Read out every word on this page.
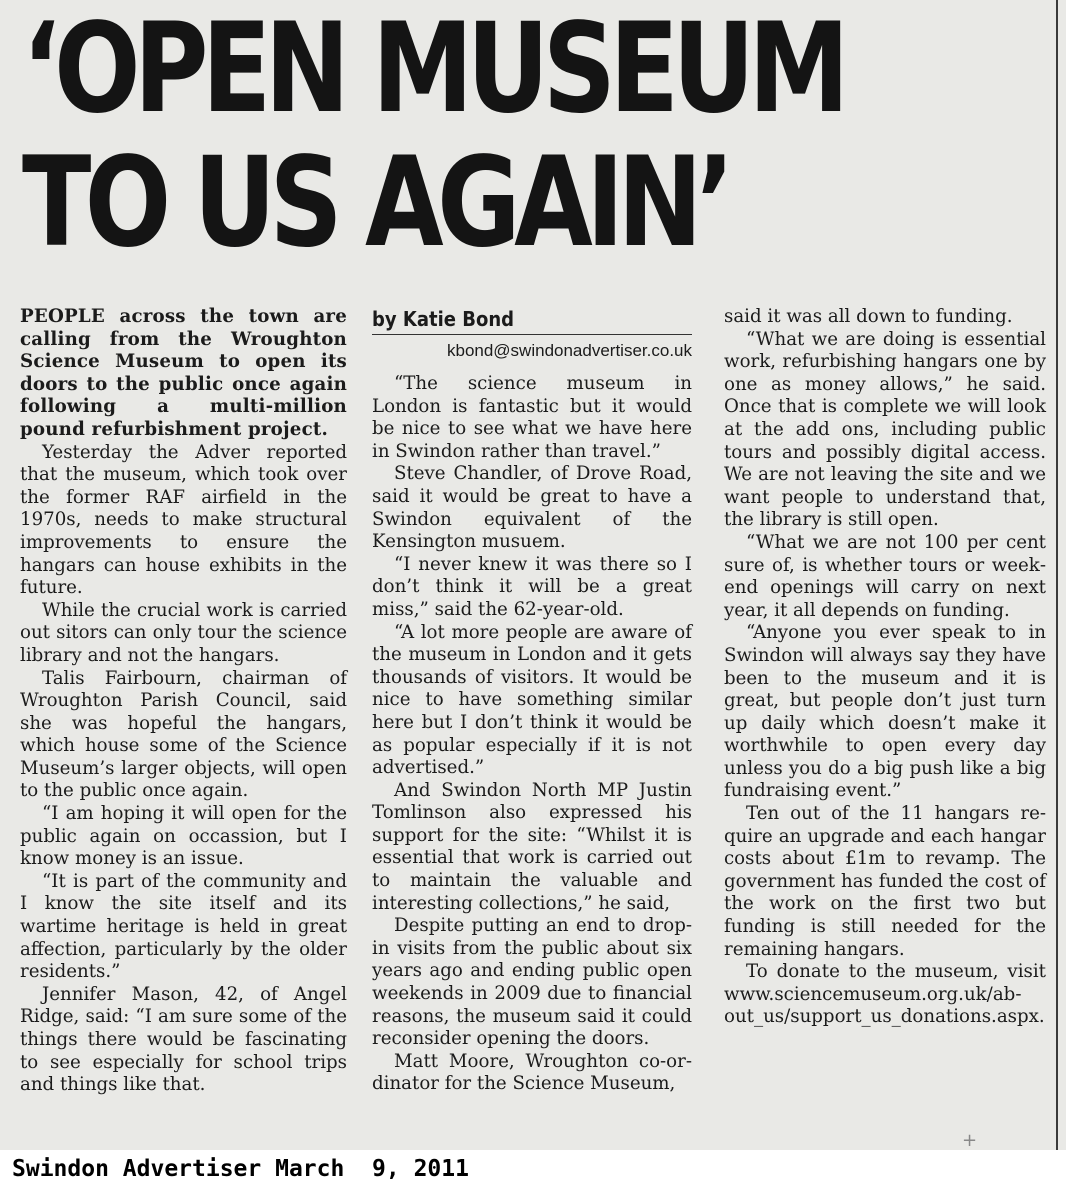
‘OPEN MUSEUM
TO US AGAIN’

PEOPLE across the town are calling from the Wroughton Science Museum to open its doors to the public once again following a multi-million pound refurbishment project.

Yesterday the Adver reported that the museum, which took over the former RAF airfield in the 1970s, needs to make structural improvements to ensure the hangars can house exhibits in the future.

While the crucial work is carried out sitors can only tour the science library and not the hangars.

Talis Fairbourn, chairman of Wroughton Parish Council, said she was hopeful the hangars, which house some of the Science Museum’s larger objects, will open to the public once again.

“I am hoping it will open for the public again on occassion, but I know money is an issue.

“It is part of the community and I know the site itself and its wartime heritage is held in great affection, particularly by the older residents.”

Jennifer Mason, 42, of Angel Ridge, said: “I am sure some of the things there would be fascinating to see especially for school trips and things like that.

by Katie Bond

kbond@swindonadvertiser.co.uk

“The science museum in London is fantastic but it would be nice to see what we have here in Swindon rather than travel.”

Steve Chandler, of Drove Road, said it would be great to have a Swindon equivalent of the Kensington musuem.

“I never knew it was there so I don’t think it will be a great miss,” said the 62-year-old.

“A lot more people are aware of the museum in London and it gets thousands of visitors. It would be nice to have something similar here but I don’t think it would be as popular especially if it is not advertised.”

And Swindon North MP Justin Tomlinson also expressed his support for the site: “Whilst it is essential that work is carried out to maintain the valuable and interesting collections,” he said,

Despite putting an end to drop-in visits from the public about six years ago and ending public open weekends in 2009 due to financial reasons, the museum said it could reconsider opening the doors.

Matt Moore, Wroughton co-ordinator for the Science Museum,

said it was all down to funding.

“What we are doing is essential work, refurbishing hangars one by one as money allows,” he said. Once that is complete we will look at the add ons, including public tours and possibly digital access. We are not leaving the site and we want people to understand that, the library is still open.

“What we are not 100 per cent sure of, is whether tours or weekend openings will carry on next year, it all depends on funding.

“Anyone you ever speak to in Swindon will always say they have been to the museum and it is great, but people don’t just turn up daily which doesn’t make it worthwhile to open every day unless you do a big push like a big fundraising event.”

Ten out of the 11 hangars require an upgrade and each hangar costs about £1m to revamp. The government has funded the cost of the work on the first two but funding is still needed for the remaining hangars.

To donate to the museum, visit www.sciencemuseum.org.uk/about_us/support_us_donations.aspx.

+
Swindon Advertiser March  9, 2011
